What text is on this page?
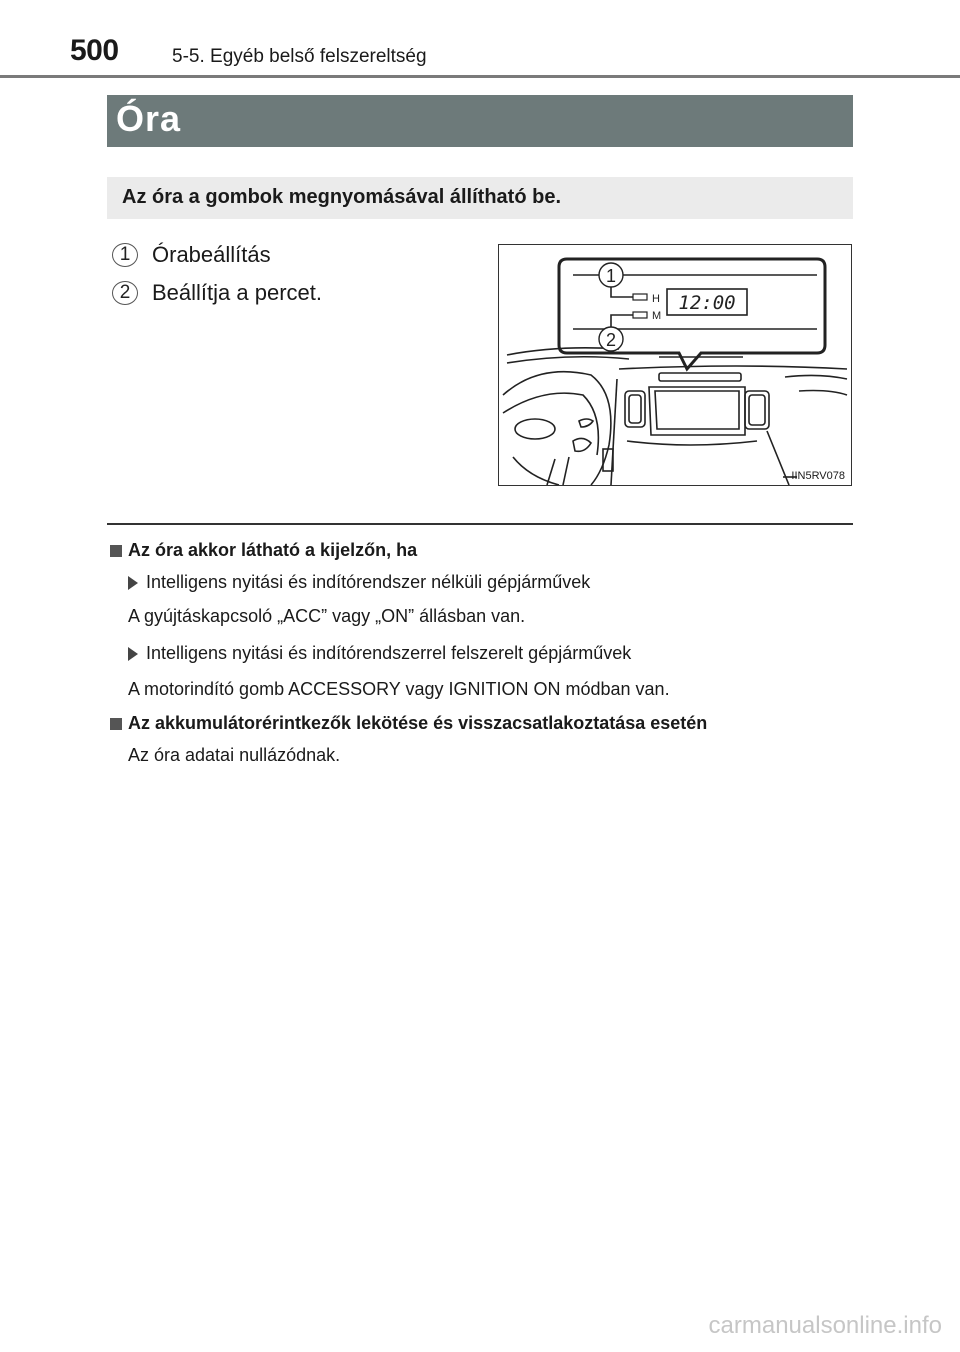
500	5-5. Egyéb belső felszereltség
Óra
Az óra a gombok megnyomásával állítható be.
1 Órabeállítás
2 Beállítja a percet.
1
2
H
M
12:00
IIN5RV078
Az óra akkor látható a kijelzőn, ha
Intelligens nyitási és indítórendszer nélküli gépjárművek
A gyújtáskapcsoló „ACC” vagy „ON” állásban van.
Intelligens nyitási és indítórendszerrel felszerelt gépjárművek
A motorindító gomb ACCESSORY vagy IGNITION ON módban van.
Az akkumulátorérintkezők lekötése és visszacsatlakoztatása esetén
Az óra adatai nullázódnak.
carmanualsonline.info
